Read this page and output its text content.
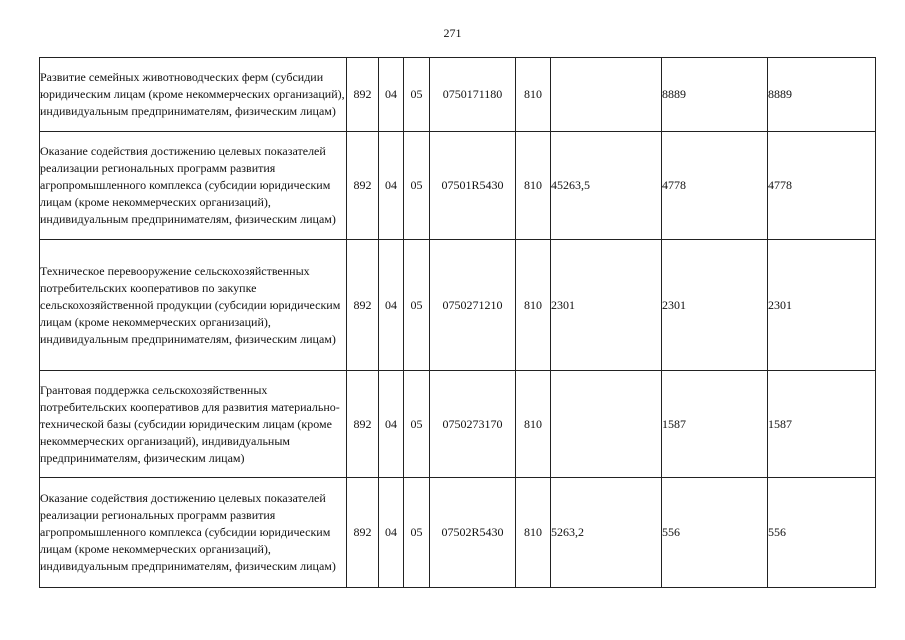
271
Развитие семейных животноводческих ферм (субсидии юридическим лицам (кроме некоммерческих организаций), индивидуальным предпринимателям, физическим лицам)	892	04	05	0750171180	810		8889	8889
Оказание содействия достижению целевых показателей реализации региональных программ развития агропромышленного комплекса (субсидии юридическим лицам (кроме некоммерческих организаций), индивидуальным предпринимателям, физическим лицам)	892	04	05	07501R5430	810	45263,5	4778	4778
Техническое перевооружение сельскохозяйственных потребительских кооперативов по закупке сельскохозяйственной продукции (субсидии юридическим лицам (кроме некоммерческих организаций), индивидуальным предпринимателям, физическим лицам)	892	04	05	0750271210	810	2301	2301	2301
Грантовая поддержка сельскохозяйственных потребительских кооперативов для развития материально-технической базы (субсидии юридическим лицам (кроме некоммерческих организаций), индивидуальным предпринимателям, физическим лицам)	892	04	05	0750273170	810		1587	1587
Оказание содействия достижению целевых показателей реализации региональных программ развития агропромышленного комплекса (субсидии юридическим лицам (кроме некоммерческих организаций), индивидуальным предпринимателям, физическим лицам)	892	04	05	07502R5430	810	5263,2	556	556
